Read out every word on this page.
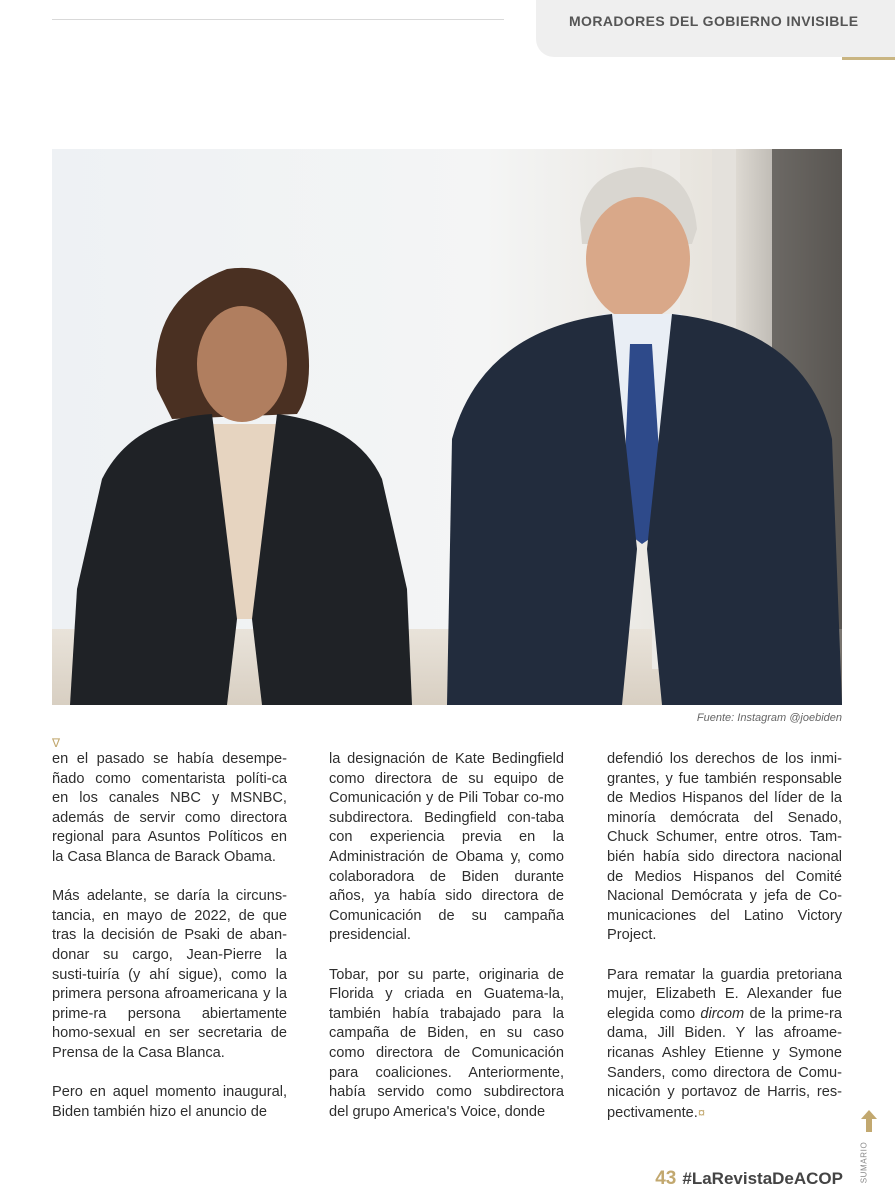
MORADORES DEL GOBIERNO INVISIBLE
Fuente: Instagram @joebiden
∇

en el pasado se había desempe-ñado como comentarista políti-ca en los canales NBC y MSNBC, además de servir como directora regional para Asuntos Políticos en la Casa Blanca de Barack Obama.

Más adelante, se daría la circuns-tancia, en mayo de 2022, de que tras la decisión de Psaki de aban-donar su cargo, Jean-Pierre la susti-tuiría (y ahí sigue), como la primera persona afroamericana y la prime-ra persona abiertamente homo-sexual en ser secretaria de Prensa de la Casa Blanca.

Pero en aquel momento inaugural, Biden también hizo el anuncio de

la designación de Kate Bedingfield como directora de su equipo de Comunicación y de Pili Tobar co-mo subdirectora. Bedingfield con-taba con experiencia previa en la Administración de Obama y, como colaboradora de Biden durante años, ya había sido directora de Comunicación de su campaña presidencial.

Tobar, por su parte, originaria de Florida y criada en Guatema-la, también había trabajado para la campaña de Biden, en su caso como directora de Comunicación para coaliciones. Anteriormente, había servido como subdirectora del grupo America's Voice, donde

defendió los derechos de los inmi-grantes, y fue también responsable de Medios Hispanos del líder de la minoría demócrata del Senado, Chuck Schumer, entre otros. Tam-bién había sido directora nacional de Medios Hispanos del Comité Nacional Demócrata y jefa de Co-municaciones del Latino Victory Project.

Para rematar la guardia pretoriana mujer, Elizabeth E. Alexander fue elegida como dircom de la prime-ra dama, Jill Biden. Y las afroame-ricanas Ashley Etienne y Symone Sanders, como directora de Comu-nicación y portavoz de Harris, res-pectivamente.¤

SUMARIO
43 #LaRevistaDeACOP
